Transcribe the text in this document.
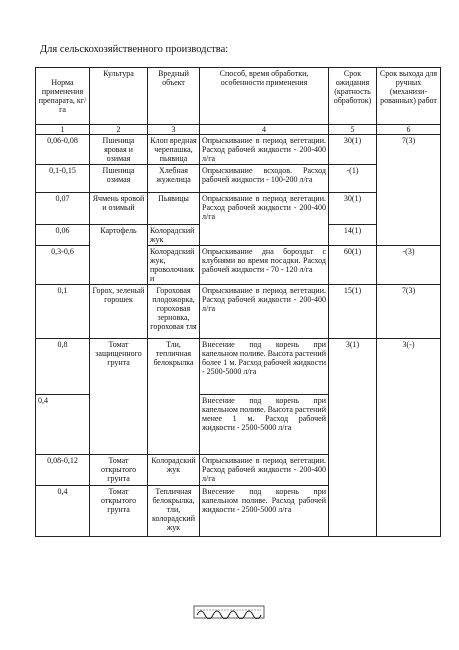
Для сельскохозяйственного производства:
Норма применения препарата, кг/га	Культура	Вредный объект	Способ, время обработки, особенности применения	Срок ожидания (кратность обработок)	Срок выхода для ручных (механизи-рованных) работ
1	2	3	4	5	6
0,06-0,08	Пшеница яровая и озимая	Клоп вредная черепашка, пьявица	Опрыскивание в период вегетации. Расход рабочей жидкости - 200-400 л/га	30(1)	7(3)
0,1-0,15	Пшеница озимая	Хлебная жужелица	Опрыскивание всходов. Расход рабочей жидкости - 100-200 л/га	-(1)	
0,07	Ячмень яровой и озимый	Пьявицы	Опрыскивание в период вегетации. Расход рабочей жидкости - 200-400 л/га	30(1)	
0,06	Картофель	Колорадский жук		14(1)	
0,3-0,6		Колорадский жук, проволочники	Опрыскивание дна бороздьт с клубнями во время посадки. Расход рабочей жидкости - 70 - 120 л/га	60(1)	-(3)
0,1	Горох, зеленый горошек	Гороховая плодожорка, гороховая зерновка, гороховая тля	Опрыскивание в период вегетации. Расход рабочей жидкости - 200-400 л/га	15(1)	7(3)
0,8	Томат защищенного грунта	Тли, тепличная белокрылка	Внесение под корень при капельном поливе. Высота растений более 1 м. Расход рабочей жидкости - 2500-5000 л/га	3(1)	3(-)
0,4			Внесение под корень при капельном поливе. Высота растений менее 1 м. Расход рабочей жидкости - 2500-5000 л/га		
0,08-0,12	Томат открытого грунта	Колорадский жук	Опрыскивание в период вегетации. Расход рабочей жидкости - 200-400 л/га		
0,4	Томат открытого грунта	Тепличная белокрылка, тли, колорадский жук	Внесение под корень при капельном поливе. Расход рабочей жидкости - 2500-5000 л/га		
